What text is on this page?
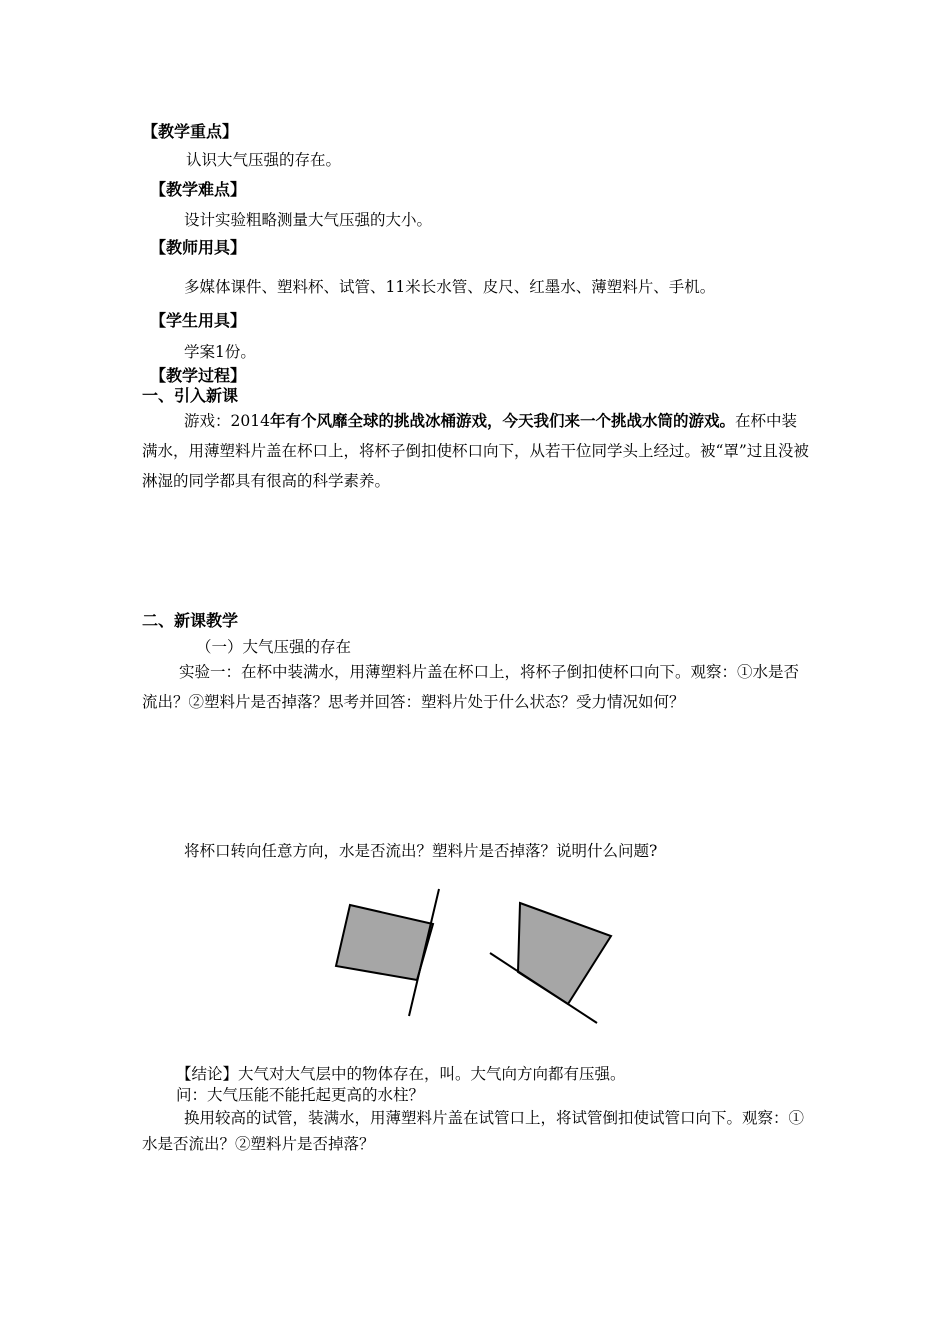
【教学重点】
认识大气压强的存在。
【教学难点】
设计实验粗略测量大气压强的大小。
【教师用具】
多媒体课件、塑料杯、试管、11米长水管、皮尺、红墨水、薄塑料片、手机。
【学生用具】
学案1份。
【教学过程】
一、引入新课
游戏：2014年有个风靡全球的挑战冰桶游戏，今天我们来一个挑战水筒的游戏。在杯中装满水，用薄塑料片盖在杯口上，将杯子倒扣使杯口向下，从若干位同学头上经过。被“罩”过且没被淋湿的同学都具有很高的科学素养。
二、新课教学
（一）大气压强的存在
实验一：在杯中装满水，用薄塑料片盖在杯口上，将杯子倒扣使杯口向下。观察：①水是否流出？②塑料片是否掉落？思考并回答：塑料片处于什么状态？受力情况如何？
将杯口转向任意方向，水是否流出？塑料片是否掉落？说明什么问题?
【结论】大气对大气层中的物体存在，叫。大气向方向都有压强。
问：大气压能不能托起更高的水柱？
换用较高的试管，装满水，用薄塑料片盖在试管口上，将试管倒扣使试管口向下。观察：①水是否流出？②塑料片是否掉落？
